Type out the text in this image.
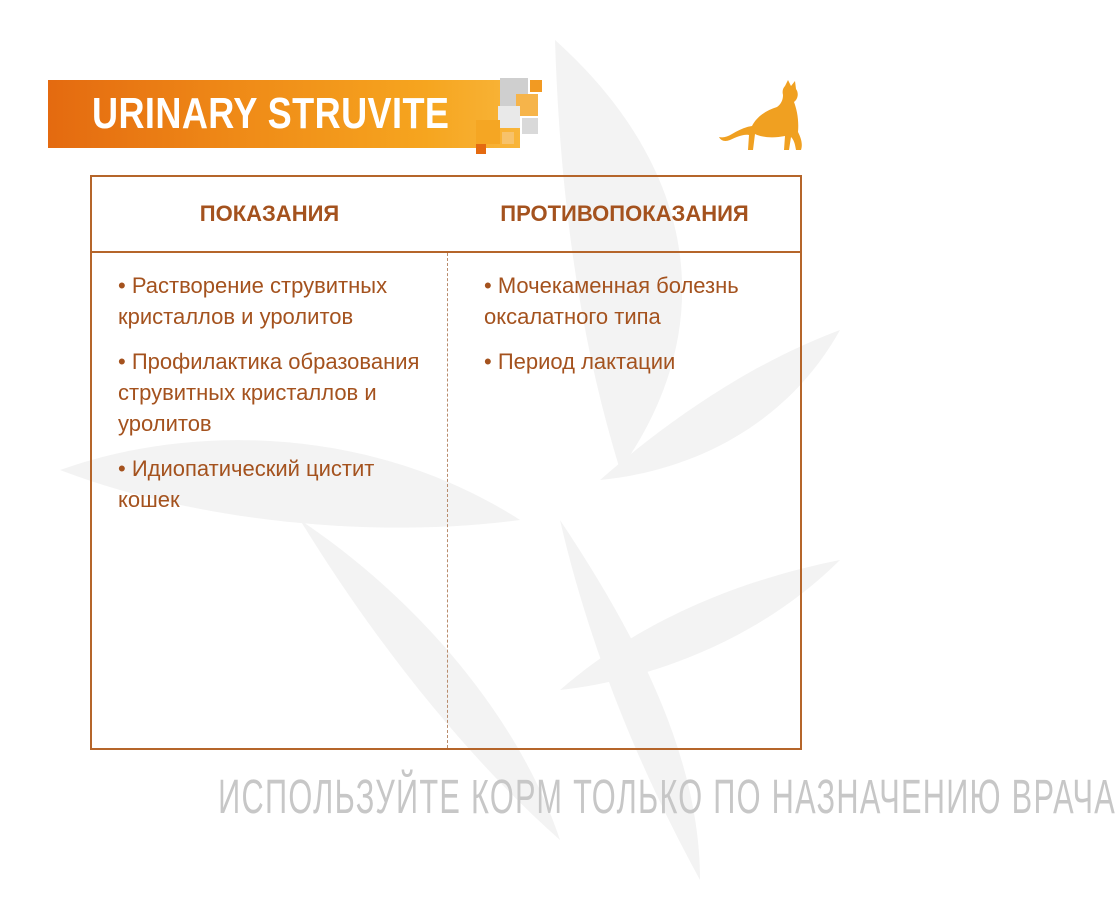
URINARY STRUVITE
ПОКАЗАНИЯ	ПРОТИВОПОКАЗАНИЯ
• Растворение струвитных кристаллов и уролитов
• Профилактика образования струвитных кристаллов и уролитов
• Идиопатический цистит кошек
• Мочекаменная болезнь оксалатного типа
• Период лактации
ИСПОЛЬЗУЙТЕ КОРМ ТОЛЬКО ПО НАЗНАЧЕНИЮ ВРАЧА
